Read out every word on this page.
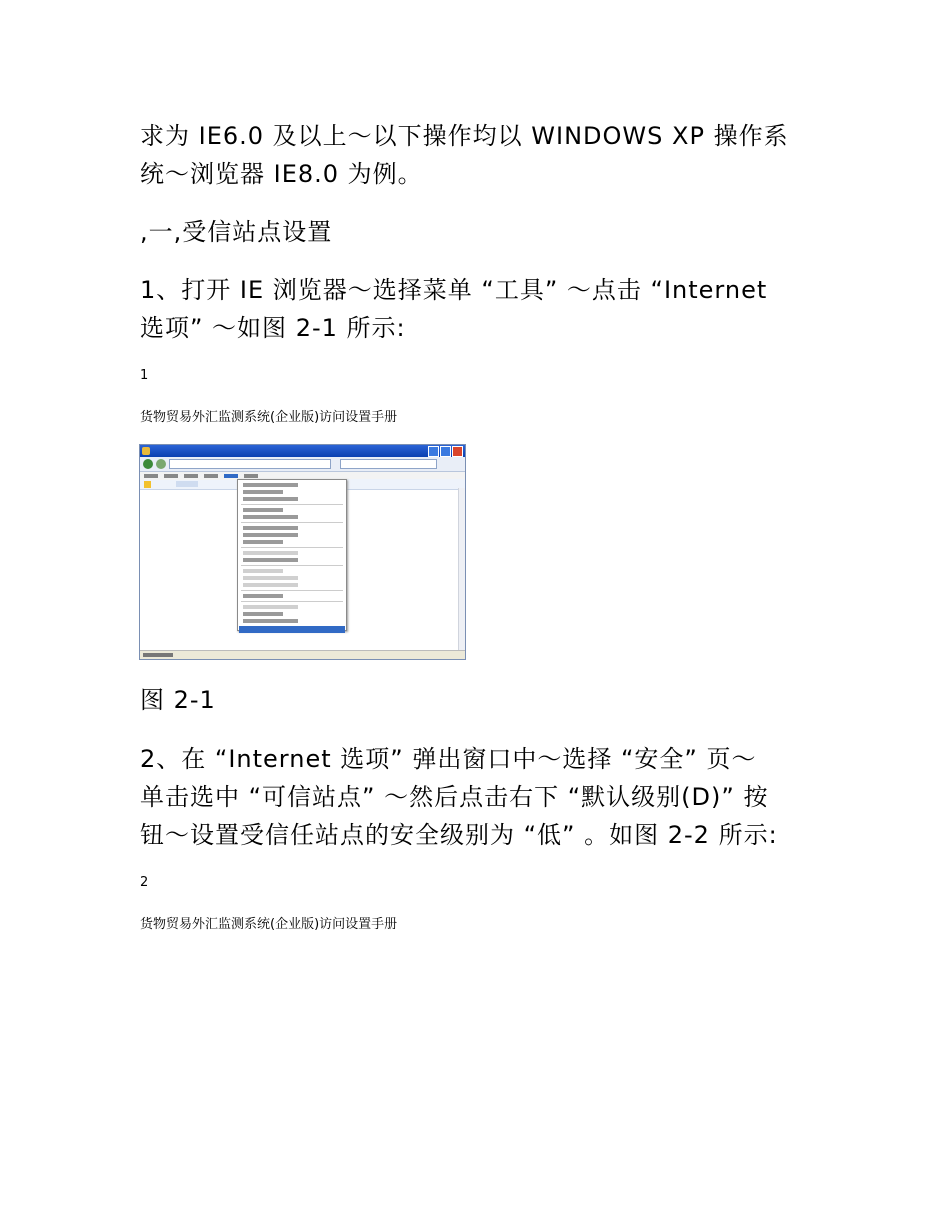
求为 IE6.0 及以上～以下操作均以 WINDOWS XP 操作系
统～浏览器 IE8.0 为例。
,一,受信站点设置
1、打开 IE 浏览器～选择菜单 “工具” ～点击 “Internet
选项” ～如图 2-1 所示:
1
货物贸易外汇监测系统(企业版)访问设置手册
图 2-1
2、在 “Internet 选项” 弹出窗口中～选择 “安全” 页～
单击选中 “可信站点” ～然后点击右下 “默认级别(D)” 按
钮～设置受信任站点的安全级别为 “低” 。如图 2-2 所示:
2
货物贸易外汇监测系统(企业版)访问设置手册
